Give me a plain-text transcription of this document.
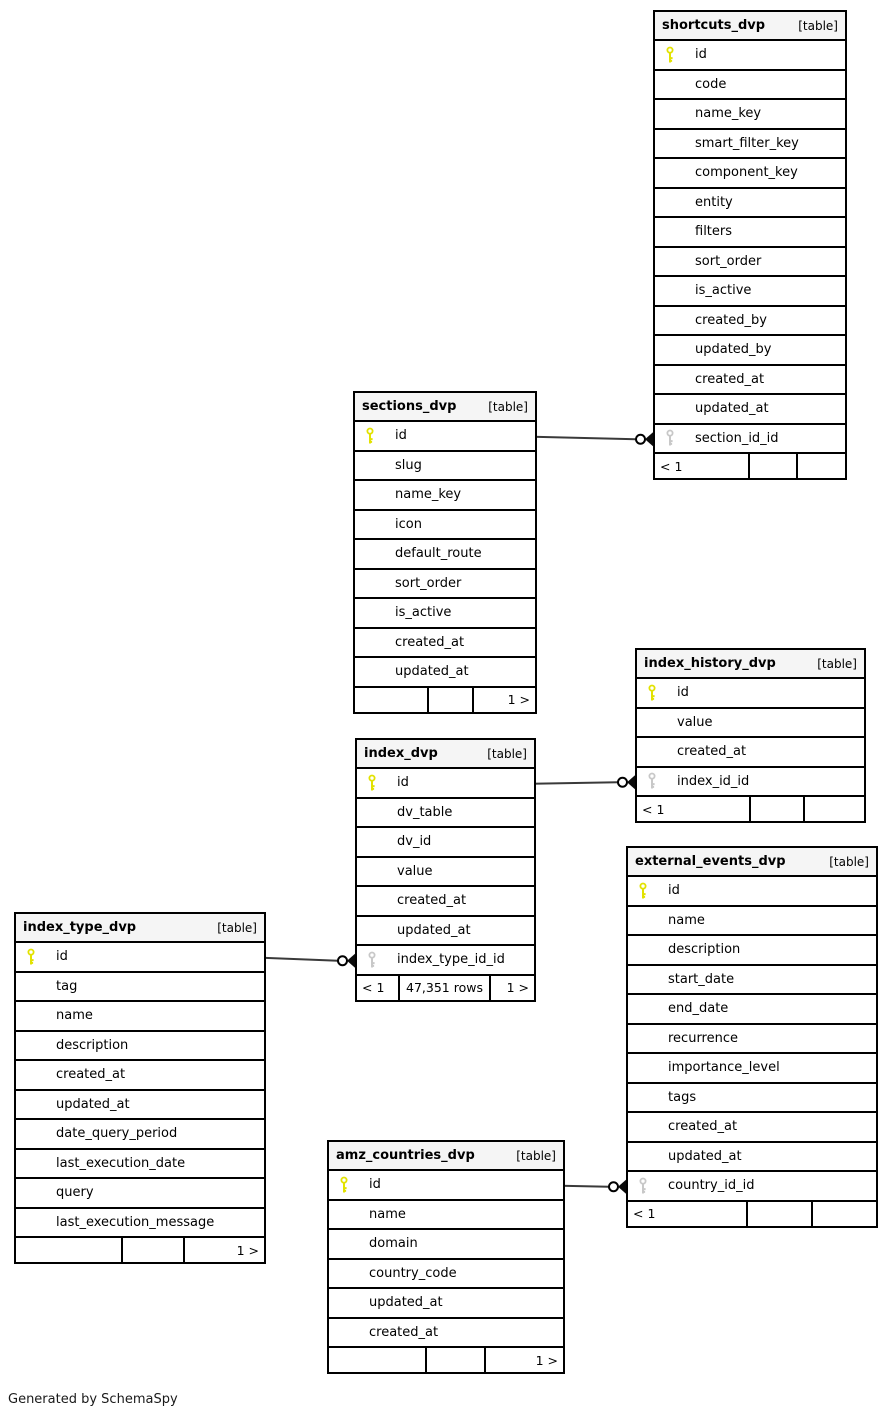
shortcuts_dvp	[table]
id
code
name_key
smart_filter_key
component_key
entity
filters
sort_order
is_active
created_by
updated_by
created_at
updated_at
section_id_id
< 1
sections_dvp	[table]
id
slug
name_key
icon
default_route
sort_order
is_active
created_at
updated_at
1 >
index_history_dvp	[table]
id
value
created_at
index_id_id
< 1
index_dvp	[table]
id
dv_table
dv_id
value
created_at
updated_at
index_type_id_id
< 1	47,351 rows	1 >
external_events_dvp	[table]
id
name
description
start_date
end_date
recurrence
importance_level
tags
created_at
updated_at
country_id_id
< 1
index_type_dvp	[table]
id
tag
name
description
created_at
updated_at
date_query_period
last_execution_date
query
last_execution_message
1 >
amz_countries_dvp	[table]
id
name
domain
country_code
updated_at
created_at
1 >
Generated by SchemaSpy
